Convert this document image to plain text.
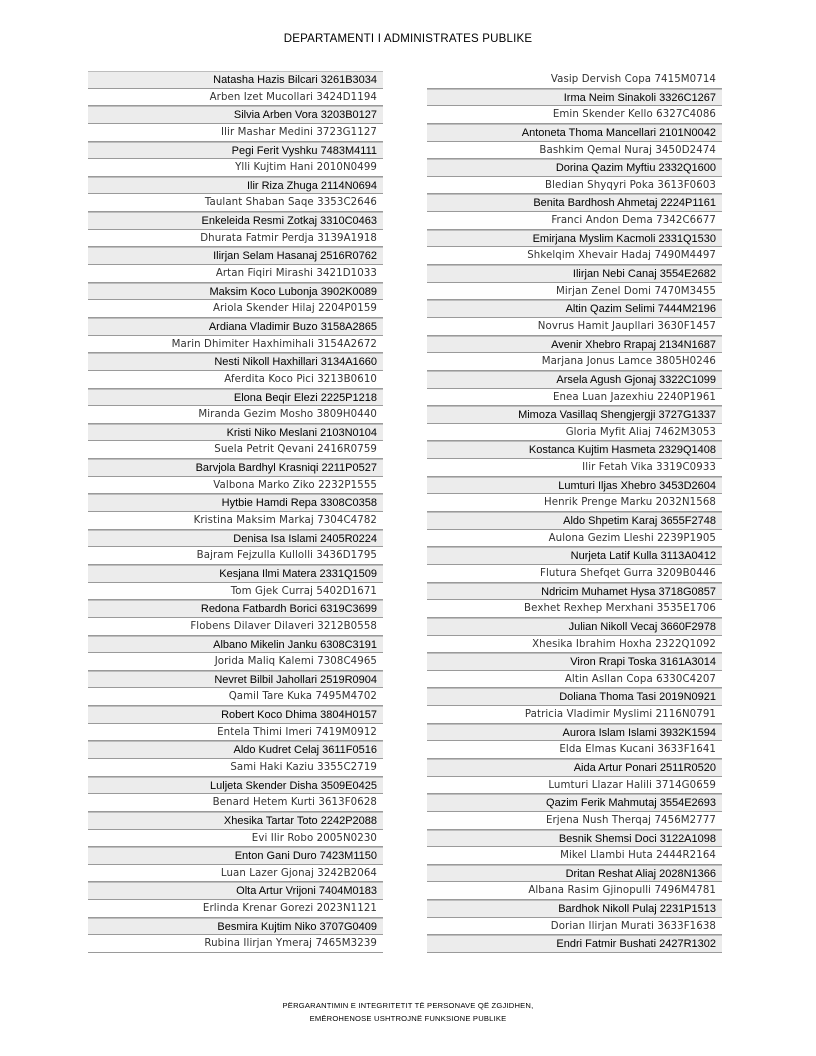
DEPARTAMENTI I ADMINISTRATES PUBLIKE
Natasha Hazis Bilcari 3261B3034
Arben Izet Mucollari 3424D1194
Silvia Arben Vora 3203B0127
Ilir Mashar Medini 3723G1127
Pegi Ferit Vyshku 7483M4111
Ylli Kujtim Hani 2010N0499
Ilir Riza Zhuga 2114N0694
Taulant Shaban Saqe 3353C2646
Enkeleida Resmi Zotkaj 3310C0463
Dhurata Fatmir Perdja 3139A1918
Ilirjan Selam Hasanaj 2516R0762
Artan Fiqiri Mirashi 3421D1033
Maksim Koco Lubonja 3902K0089
Ariola Skender Hilaj 2204P0159
Ardiana Vladimir Buzo 3158A2865
Marin Dhimiter Haxhimihali 3154A2672
Nesti Nikoll Haxhillari 3134A1660
Aferdita Koco Pici 3213B0610
Elona Beqir Elezi 2225P1218
Miranda Gezim Mosho 3809H0440
Kristi Niko Meslani 2103N0104
Suela Petrit Qevani 2416R0759
Barvjola Bardhyl Krasniqi 2211P0527
Valbona Marko Ziko 2232P1555
Hytbie Hamdi Repa 3308C0358
Kristina Maksim Markaj 7304C4782
Denisa Isa Islami 2405R0224
Bajram Fejzulla Kullolli 3436D1795
Kesjana Ilmi Matera 2331Q1509
Tom Gjek Curraj 5402D1671
Redona Fatbardh Borici 6319C3699
Flobens Dilaver Dilaveri 3212B0558
Albano Mikelin Janku 6308C3191
Jorida Maliq Kalemi 7308C4965
Nevret Bilbil Jahollari 2519R0904
Qamil Tare Kuka 7495M4702
Robert Koco Dhima 3804H0157
Entela Thimi Imeri 7419M0912
Aldo Kudret Celaj 3611F0516
Sami Haki Kaziu 3355C2719
Luljeta Skender Disha 3509E0425
Benard Hetem Kurti 3613F0628
Xhesika Tartar Toto 2242P2088
Evi Ilir Robo 2005N0230
Enton Gani Duro 7423M1150
Luan Lazer Gjonaj 3242B2064
Olta Artur Vrijoni 7404M0183
Erlinda Krenar Gorezi 2023N1121
Besmira Kujtim Niko 3707G0409
Rubina Ilirjan Ymeraj 7465M3239
Vasip Dervish Copa 7415M0714
Irma Neim Sinakoli 3326C1267
Emin Skender Kello 6327C4086
Antoneta Thoma Mancellari 2101N0042
Bashkim Qemal Nuraj 3450D2474
Dorina Qazim Myftiu 2332Q1600
Bledian Shyqyri Poka 3613F0603
Benita Bardhosh Ahmetaj 2224P1161
Franci Andon Dema 7342C6677
Emirjana Myslim Kacmoli 2331Q1530
Shkelqim Xhevair Hadaj 7490M4497
Ilirjan Nebi Canaj 3554E2682
Mirjan Zenel Domi 7470M3455
Altin Qazim Selimi 7444M2196
Novrus Hamit Jaupllari 3630F1457
Avenir Xhebro Rrapaj 2134N1687
Marjana Jonus Lamce 3805H0246
Arsela Agush Gjonaj 3322C1099
Enea Luan Jazexhiu 2240P1961
Mimoza Vasillaq Shengjergji 3727G1337
Gloria Myfit Aliaj 7462M3053
Kostanca Kujtim Hasmeta 2329Q1408
Ilir Fetah Vika 3319C0933
Lumturi Iljas Xhebro 3453D2604
Henrik Prenge Marku 2032N1568
Aldo Shpetim Karaj 3655F2748
Aulona Gezim Lleshi 2239P1905
Nurjeta Latif Kulla 3113A0412
Flutura Shefqet Gurra 3209B0446
Ndricim Muhamet Hysa 3718G0857
Bexhet Rexhep Merxhani 3535E1706
Julian Nikoll Vecaj 3660F2978
Xhesika Ibrahim Hoxha 2322Q1092
Viron Rrapi Toska 3161A3014
Altin Asllan Copa 6330C4207
Doliana Thoma Tasi 2019N0921
Patricia Vladimir Myslimi 2116N0791
Aurora Islam Islami 3932K1594
Elda Elmas Kucani 3633F1641
Aida Artur Ponari 2511R0520
Lumturi Llazar Halili 3714G0659
Qazim Ferik Mahmutaj 3554E2693
Erjena Nush Therqaj 7456M2777
Besnik Shemsi Doci 3122A1098
Mikel Llambi Huta 2444R2164
Dritan Reshat Aliaj 2028N1366
Albana Rasim Gjinopulli 7496M4781
Bardhok Nikoll Pulaj 2231P1513
Dorian Ilirjan Murati 3633F1638
Endri Fatmir Bushati 2427R1302
PËRGARANTIMIN E INTEGRITETIT TË PERSONAVE QË ZGJIDHEN,
EMËROHENOSE USHTROJNË FUNKSIONE PUBLIKE
